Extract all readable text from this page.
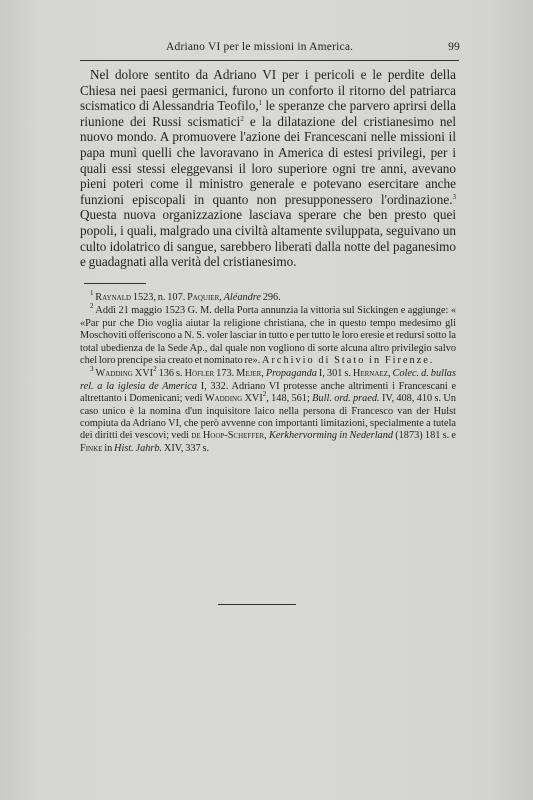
Adriano VI per le missioni in America.	99

Nel dolore sentito da Adriano VI per i pericoli e le perdite della Chiesa nei paesi germanici, furono un conforto il ritorno del patriarca scismatico di Alessandria Teofilo,$^1$ le speranze che parvero aprirsi della riunione dei Russi scismatici$^2$ e la dilatazione del cristianesimo nel nuovo mondo. A promuovere l'azione dei Francescani nelle missioni il papa munì quelli che lavoravano in America di estesi privilegi, per i quali essi stessi eleggevansi il loro superiore ogni tre anni, avevano pieni poteri come il ministro generale e potevano esercitare anche funzioni episcopali in quanto non presupponessero l'ordinazione.$^3$ Questa nuova organizzazione lasciava sperare che ben presto quei popoli, i quali, malgrado una civiltà altamente sviluppata, seguivano un culto idolatrico di sangue, sarebbero liberati dalla notte del paganesimo e guadagnati alla verità del cristianesimo.

$^1$ Raynald 1523, n. 107. Paquier, Aléandre 296.

$^2$ Addì 21 maggio 1523 G. M. della Porta annunzia la vittoria sul Sickingen e aggiunge: « «Par pur che Dio voglia aiutar la religione christiana, che in questo tempo medesimo gli Moschoviti offeriscono a N. S. voler lasciar in tutto e per tutto le loro eresie et redursi sotto la total ubedienza de la Sede Ap., dal quale non vogliono di sorte alcuna altro privilegio salvo chel loro prencipe sia creato et nominato re». Archivio di Stato in Firenze.

$^3$ Wadding XVI$^2$ 136 s. Höfler 173. Mejer, Propaganda I, 301 s. Hernaez, Colec. d. bullas rel. a la iglesia de America I, 332. Adriano VI protesse anche altrimenti i Francescani e altrettanto i Domenicani; vedi Wadding XVI$^2$, 148, 561; Bull. ord. praed. IV, 408, 410 s. Un caso unico è la nomina d'un inquisitore laico nella persona di Francesco van der Hulst compiuta da Adriano VI, che però avvenne con importanti limitazioni, specialmente a tutela dei diritti dei vescovi; vedi de Hoop-Scheffer, Kerkhervorming in Nederland (1873) 181 s. e Finke in Hist. Jahrb. XIV, 337 s.
